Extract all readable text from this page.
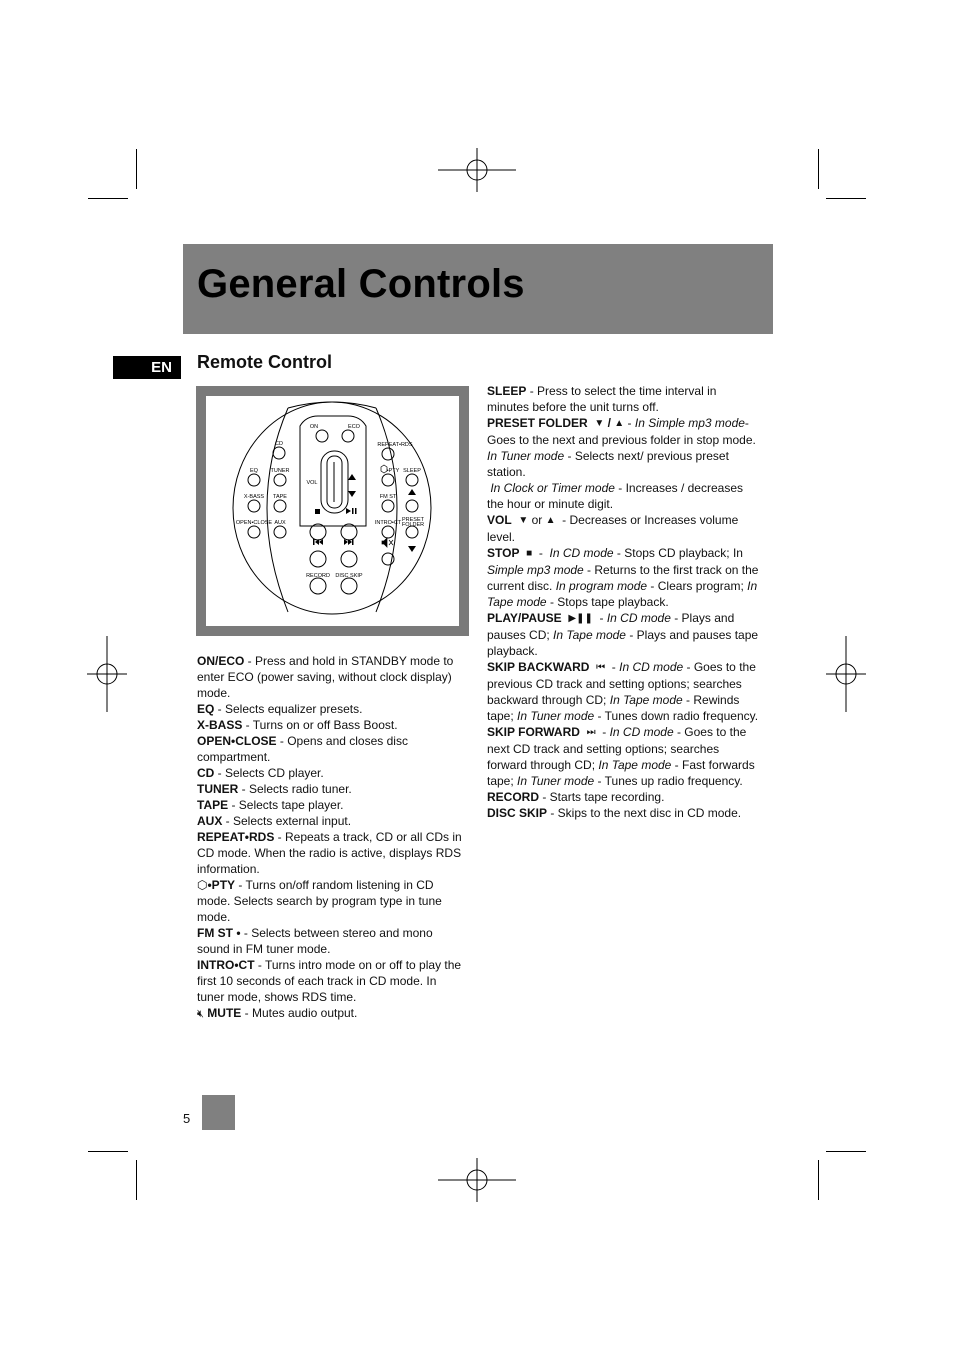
General Controls
EN	Remote Control
CD
EQ TUNER
X-BASS TAPE
OPEN•CLOSE AUX
ON	ECO
VOL
REPEAT•RDS
•PTY SLEEP
FM ST
INTRO•CT PRESET
FOLDER
RECORD DISC SKIP

ON/ECO - Press and hold in STANDBY mode to enter ECO (power saving, without clock display) mode.

EQ - Selects equalizer presets.

X-BASS - Turns on or off Bass Boost.

OPEN•CLOSE - Opens and closes disc compartment.

CD - Selects CD player.

TUNER - Selects radio tuner.

TAPE - Selects tape player.

AUX - Selects external input.

REPEAT•RDS - Repeats a track, CD or all CDs in CD mode. When the radio is active, displays RDS information.

⬡•PTY - Turns on/off random listening in CD mode. Selects search by program type in tune mode.

FM ST • - Selects between stereo and mono sound in FM tuner mode.

INTRO•CT - Turns intro mode on or off to play the first 10 seconds of each track in CD mode. In tuner mode, shows RDS time.

🔇︎ MUTE - Mutes audio output.

SLEEP - Press to select the time interval in minutes before the unit turns off.

PRESET FOLDER ▼ / ▲ - In Simple mp3 mode- Goes to the next and previous folder in stop mode.
In Tuner mode - Selects next/ previous preset station.
In Clock or Timer mode - Increases / decreases the hour or minute digit.

VOL ▼ or ▲  - Decreases or Increases volume level.

STOP ■  -  In CD mode - Stops CD playback; In Simple mp3 mode - Returns to the first track on the current disc. In program mode - Clears program; In Tape mode - Stops tape playback.

PLAY/PAUSE ▶❚❚  - In CD mode - Plays and pauses CD; In Tape mode - Plays and pauses tape playback.

SKIP BACKWARD ⏮  - In CD mode - Goes to the previous CD track and setting options; searches backward through CD; In Tape mode - Rewinds tape; In Tuner mode - Tunes down radio frequency.

SKIP FORWARD ⏭  - In CD mode - Goes to the next CD track and setting options; searches forward through CD; In Tape mode - Fast forwards tape; In Tuner mode - Tunes up radio frequency.

RECORD - Starts tape recording.

DISC SKIP - Skips to the next disc in CD mode.

5
